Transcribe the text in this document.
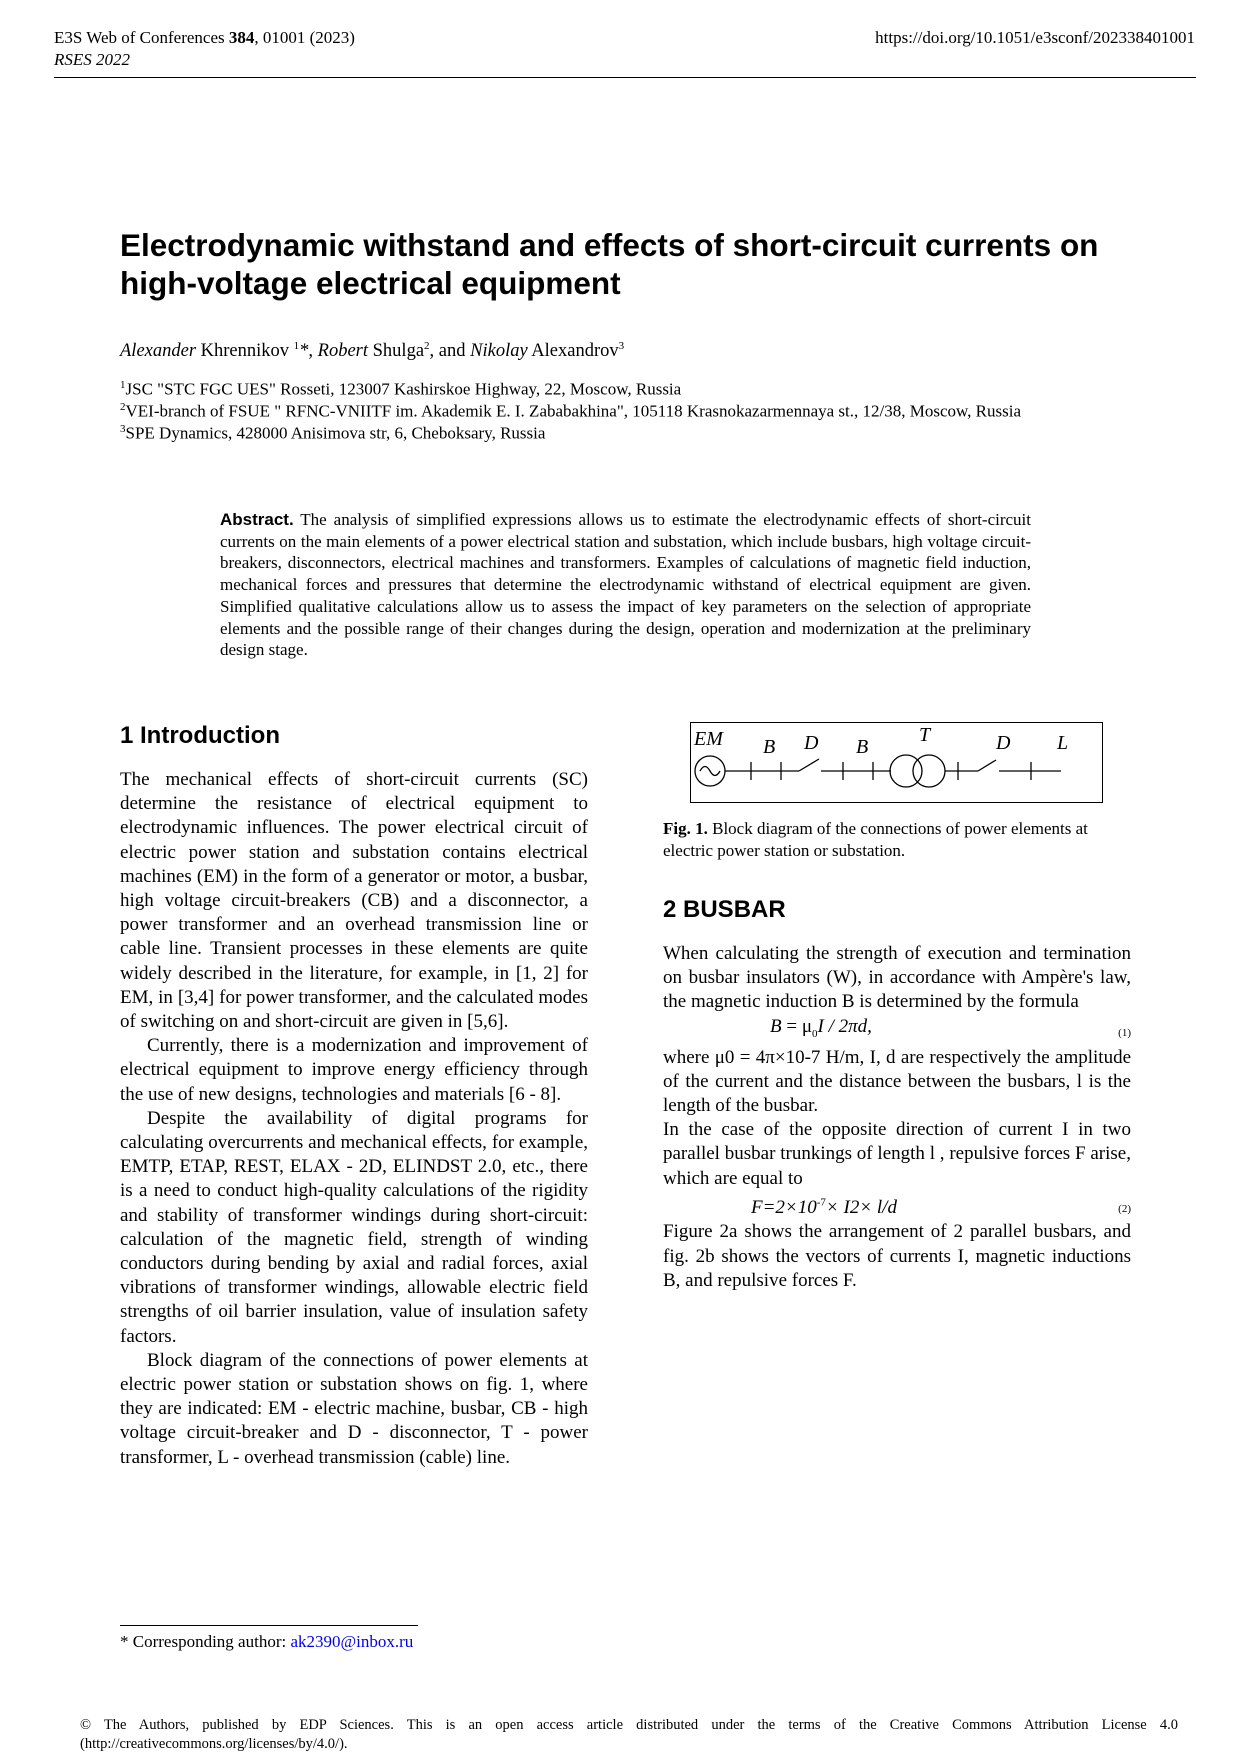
E3S Web of Conferences 384, 01001 (2023)
RSES 2022
https://doi.org/10.1051/e3sconf/202338401001
Electrodynamic withstand and effects of short-circuit currents on high-voltage electrical equipment
Alexander Khrennikov $^1$*, Robert Shulga$^2$, and Nikolay Alexandrov$^3$
$^1$JSC "STC FGC UES" Rosseti, 123007 Kashirskoe Highway, 22, Moscow, Russia
$^2$VEI-branch of FSUE " RFNC-VNIITF im. Akademik E. I. Zababakhina", 105118 Krasnokazarmennaya st., 12/38, Moscow, Russia
$^3$SPE Dynamics, 428000 Anisimova str, 6, Cheboksary, Russia
Abstract. The analysis of simplified expressions allows us to estimate the electrodynamic effects of short-circuit currents on the main elements of a power electrical station and substation, which include busbars, high voltage circuit-breakers, disconnectors, electrical machines and transformers. Examples of calculations of magnetic field induction, mechanical forces and pressures that determine the electrodynamic withstand of electrical equipment are given. Simplified qualitative calculations allow us to assess the impact of key parameters on the selection of appropriate elements and the possible range of their changes during the design, operation and modernization at the preliminary design stage.
1 Introduction

The mechanical effects of short-circuit currents (SC) determine the resistance of electrical equipment to electrodynamic influences. The power electrical circuit of electric power station and substation contains electrical machines (EM) in the form of a generator or motor, a busbar, high voltage circuit-breakers (CB) and a disconnector, a power transformer and an overhead transmission line or cable line. Transient processes in these elements are quite widely described in the literature, for example, in [1, 2] for EM, in [3,4] for power transformer, and the calculated modes of switching on and short-circuit are given in [5,6].

Currently, there is a modernization and improvement of electrical equipment to improve energy efficiency through the use of new designs, technologies and materials [6 - 8].

Despite the availability of digital programs for calculating overcurrents and mechanical effects, for example, EMTP, ETAP, REST, ELAX - 2D, ELINDST 2.0, etc., there is a need to conduct high-quality calculations of the rigidity and stability of transformer windings during short-circuit: calculation of the magnetic field, strength of winding conductors during bending by axial and radial forces, axial vibrations of transformer windings, allowable electric field strengths of oil barrier insulation, value of insulation safety factors.

Block diagram of the connections of power elements at electric power station or substation shows on fig. 1, where they are indicated: EM - electric machine, busbar, CB - high voltage circuit-breaker and D - disconnector, T - power transformer, L - overhead transmission (cable) line.

EM B D B
T	D L
Fig. 1. Block diagram of the connections of power elements at electric power station or substation.
2 BUSBAR

When calculating the strength of execution and termination on busbar insulators (W), in accordance with Ampère's law, the magnetic induction B is determined by the formula

$B = \mu_0I / 2\pi d$,	(1)

where μ0 = 4π×10-7 H/m, I, d are respectively the amplitude of the current and the distance between the busbars, l is the length of the busbar.

In the case of the opposite direction of current I in two parallel busbar trunkings of length l , repulsive forces F arise, which are equal to

$F=2\times 10^{-7}\times I2\times l/d$	(2)

Figure 2a shows the arrangement of 2 parallel busbars, and fig. 2b shows the vectors of currents I, magnetic inductions B, and repulsive forces F.

* Corresponding author: ak2390@inbox.ru
© The Authors, published by EDP Sciences. This is an open access article distributed under the terms of the Creative Commons Attribution License 4.0
(http://creativecommons.org/licenses/by/4.0/).
